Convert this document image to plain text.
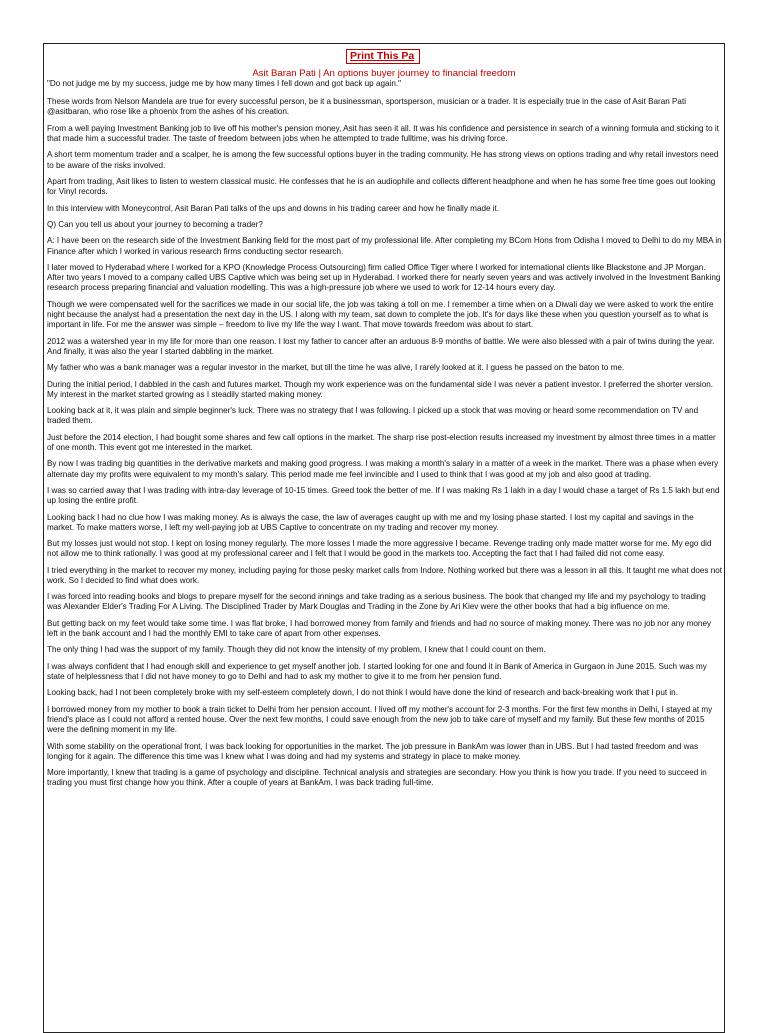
Print This Pa
Asit Baran Pati | An options buyer journey to financial freedom

"Do not judge me by my success, judge me by how many times I fell down and got back up again."

These words from Nelson Mandela are true for every successful person, be it a businessman, sportsperson, musician or a trader. It is especially true in the case of Asit Baran Pati @asitbaran, who rose like a phoenix from the ashes of his creation.

From a well paying Investment Banking job to live off his mother's pension money, Asit has seen it all. It was his confidence and persistence in search of a winning formula and sticking to it that made him a successful trader. The taste of freedom between jobs when he attempted to trade fulltime, was his driving force.

A short term momentum trader and a scalper, he is among the few successful options buyer in the trading community. He has strong views on options trading and why retail investors need to be aware of the risks involved.

Apart from trading, Asit likes to listen to western classical music. He confesses that he is an audiophile and collects different headphone and when he has some free time goes out looking for Vinyl records.

In this interview with Moneycontrol, Asit Baran Pati talks of the ups and downs in his trading career and how he finally made it.

Q) Can you tell us about your journey to becoming a trader?

A: I have been on the research side of the Investment Banking field for the most part of my professional life. After completing my BCom Hons from Odisha I moved to Delhi to do my MBA in Finance after which I worked in various research firms conducting sector research.

I later moved to Hyderabad where I worked for a KPO (Knowledge Process Outsourcing) firm called Office Tiger where I worked for international clients like Blackstone and JP Morgan. After two years I moved to a company called UBS Captive which was being set up in Hyderabad. I worked there for nearly seven years and was actively involved in the Investment Banking research process preparing financial and valuation modelling. This was a high-pressure job where we used to work for 12-14 hours every day.

Though we were compensated well for the sacrifices we made in our social life, the job was taking a toll on me. I remember a time when on a Diwali day we were asked to work the entire night because the analyst had a presentation the next day in the US. I along with my team, sat down to complete the job. It's for days like these when you question yourself as to what is important in life. For me the answer was simple – freedom to live my life the way I want. That move towards freedom was about to start.

2012 was a watershed year in my life for more than one reason. I lost my father to cancer after an arduous 8-9 months of battle. We were also blessed with a pair of twins during the year. And finally, it was also the year I started dabbling in the market.

My father who was a bank manager was a regular investor in the market, but till the time he was alive, I rarely looked at it. I guess he passed on the baton to me.

During the initial period, I dabbled in the cash and futures market. Though my work experience was on the fundamental side I was never a patient investor. I preferred the shorter version. My interest in the market started growing as I steadily started making money.

Looking back at it, it was plain and simple beginner's luck. There was no strategy that I was following. I picked up a stock that was moving or heard some recommendation on TV and traded them.

Just before the 2014 election, I had bought some shares and few call options in the market. The sharp rise post-election results increased my investment by almost three times in a matter of one month. This event got me interested in the market.

By now I was trading big quantities in the derivative markets and making good progress. I was making a month's salary in a matter of a week in the market. There was a phase when every alternate day my profits were equivalent to my month's salary. This period made me feel invincible and I used to think that I was good at my job and also good at trading.

I was so carried away that I was trading with intra-day leverage of 10-15 times. Greed took the better of me. If I was making Rs 1 lakh in a day I would chase a target of Rs 1.5 lakh but end up losing the entire profit.

Looking back I had no clue how I was making money. As is always the case, the law of averages caught up with me and my losing phase started. I lost my capital and savings in the market. To make matters worse, I left my well-paying job at UBS Captive to concentrate on my trading and recover my money.

But my losses just would not stop. I kept on losing money regularly. The more losses I made the more aggressive I became. Revenge trading only made matter worse for me. My ego did not allow me to think rationally. I was good at my professional career and I felt that I would be good in the markets too. Accepting the fact that I had failed did not come easy.

I tried everything in the market to recover my money, including paying for those pesky market calls from Indore. Nothing worked but there was a lesson in all this. It taught me what does not work. So I decided to find what does work.

I was forced into reading books and blogs to prepare myself for the second innings and take trading as a serious business. The book that changed my life and my psychology to trading was Alexander Elder's Trading For A Living. The Disciplined Trader by Mark Douglas and Trading in the Zone by Ari Kiev were the other books that had a big influence on me.

But getting back on my feet would take some time. I was flat broke, I had borrowed money from family and friends and had no source of making money. There was no job nor any money left in the bank account and I had the monthly EMI to take care of apart from other expenses.

The only thing I had was the support of my family. Though they did not know the intensity of my problem, I knew that I could count on them.

I was always confident that I had enough skill and experience to get myself another job. I started looking for one and found it in Bank of America in Gurgaon in June 2015. Such was my state of helplessness that I did not have money to go to Delhi and had to ask my mother to give it to me from her pension fund.

Looking back, had I not been completely broke with my self-esteem completely down, I do not think I would have done the kind of research and back-breaking work that I put in.

I borrowed money from my mother to book a train ticket to Delhi from her pension account. I lived off my mother's account for 2-3 months. For the first few months in Delhi, I stayed at my friend's place as I could not afford a rented house. Over the next few months, I could save enough from the new job to take care of myself and my family. But these few months of 2015 were the defining moment in my life.

With some stability on the operational front, I was back looking for opportunities in the market. The job pressure in BankAm was lower than in UBS. But I had tasted freedom and was longing for it again. The difference this time was I knew what I was doing and had my systems and strategy in place to make money.

More importantly, I knew that trading is a game of psychology and discipline. Technical analysis and strategies are secondary. How you think is how you trade. If you need to succeed in trading you must first change how you think. After a couple of years at BankAm, I was back trading full-time.
